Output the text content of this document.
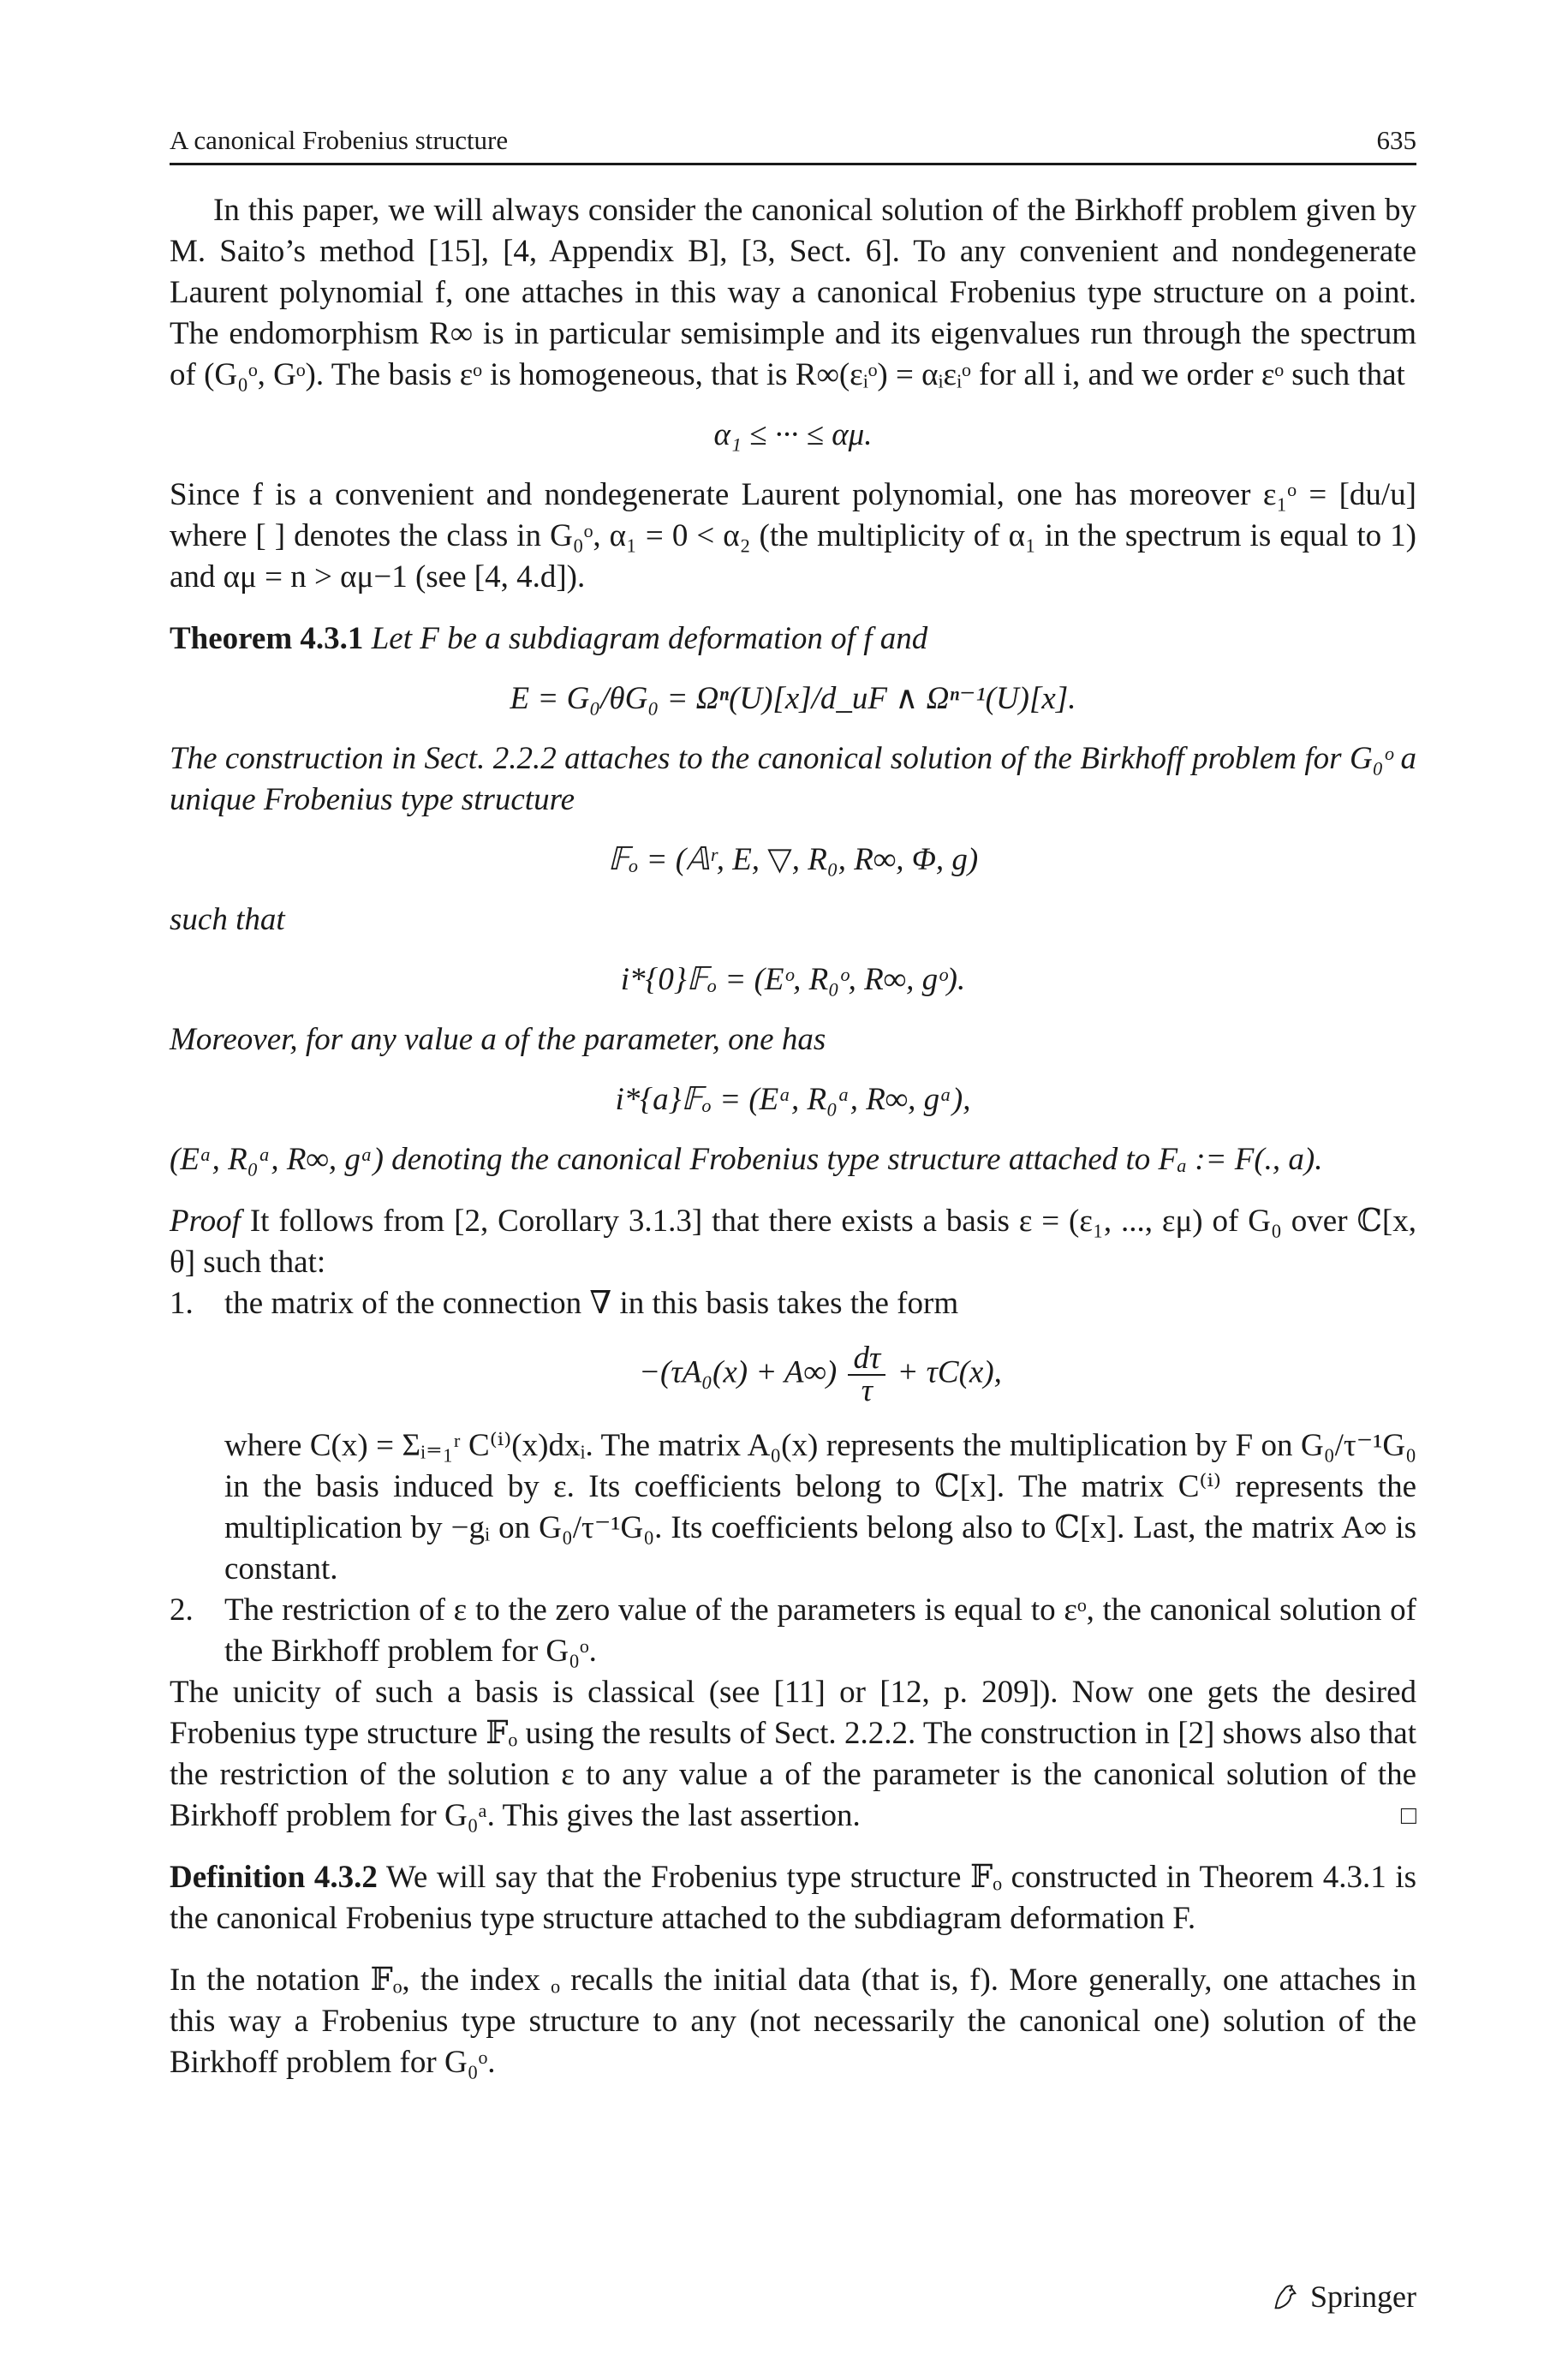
A canonical Frobenius structure	635

In this paper, we will always consider the canonical solution of the Birkhoff problem given by M. Saito’s method [15], [4, Appendix B], [3, Sect. 6]. To any convenient and nondegenerate Laurent polynomial f, one attaches in this way a canonical Frobenius type structure on a point. The endomorphism R∞ is in particular semisimple and its eigenvalues run through the spectrum of (G₀ᵒ, Gᵒ). The basis εᵒ is homogeneous, that is R∞(εᵢᵒ) = αᵢεᵢᵒ for all i, and we order εᵒ such that

α₁ ≤ ··· ≤ αμ.

Since f is a convenient and nondegenerate Laurent polynomial, one has moreover ε₁ᵒ = [du/u] where [ ] denotes the class in G₀ᵒ, α₁ = 0 < α₂ (the multiplicity of α₁ in the spectrum is equal to 1) and αμ = n > αμ−1 (see [4, 4.d]).

Theorem 4.3.1 Let F be a subdiagram deformation of f and

E = G₀/θG₀ = Ωⁿ(U)[x]/d_uF ∧ Ωⁿ⁻¹(U)[x].

The construction in Sect. 2.2.2 attaches to the canonical solution of the Birkhoff problem for G₀ᵒ a unique Frobenius type structure

𝔽ₒ = (𝔸ʳ, E, ▽, R₀, R∞, Φ, g)

such that

i*{0}𝔽ₒ = (Eᵒ, R₀ᵒ, R∞, gᵒ).

Moreover, for any value a of the parameter, one has

i*{a}𝔽ₒ = (Eᵃ, R₀ᵃ, R∞, gᵃ),

(Eᵃ, R₀ᵃ, R∞, gᵃ) denoting the canonical Frobenius type structure attached to Fₐ := F(., a).

Proof It follows from [2, Corollary 3.1.3] that there exists a basis ε = (ε₁, ..., εμ) of G₀ over ℂ[x, θ] such that:

1. the matrix of the connection ∇ in this basis takes the form

$-(\tau A_0(x) + A\infty) \frac{d\tau}{\tau} + \tau C(x)$,

where C(x) = Σᵢ₌₁ʳ C⁽ⁱ⁾(x)dxᵢ. The matrix A₀(x) represents the multiplication by F on G₀/τ⁻¹G₀ in the basis induced by ε. Its coefficients belong to ℂ[x]. The matrix C⁽ⁱ⁾ represents the multiplication by −gᵢ on G₀/τ⁻¹G₀. Its coefficients belong also to ℂ[x]. Last, the matrix A∞ is constant.

2. The restriction of ε to the zero value of the parameters is equal to εᵒ, the canonical solution of the Birkhoff problem for G₀ᵒ.

The unicity of such a basis is classical (see [11] or [12, p. 209]). Now one gets the desired Frobenius type structure 𝔽ₒ using the results of Sect. 2.2.2. The construction in [2] shows also that the restriction of the solution ε to any value a of the parameter is the canonical solution of the Birkhoff problem for G₀ᵃ. This gives the last assertion.	□

Definition 4.3.2 We will say that the Frobenius type structure 𝔽ₒ constructed in Theorem 4.3.1 is the canonical Frobenius type structure attached to the subdiagram deformation F.

In the notation 𝔽ₒ, the index ₒ recalls the initial data (that is, f). More generally, one attaches in this way a Frobenius type structure to any (not necessarily the canonical one) solution of the Birkhoff problem for G₀ᵒ.

Springer
